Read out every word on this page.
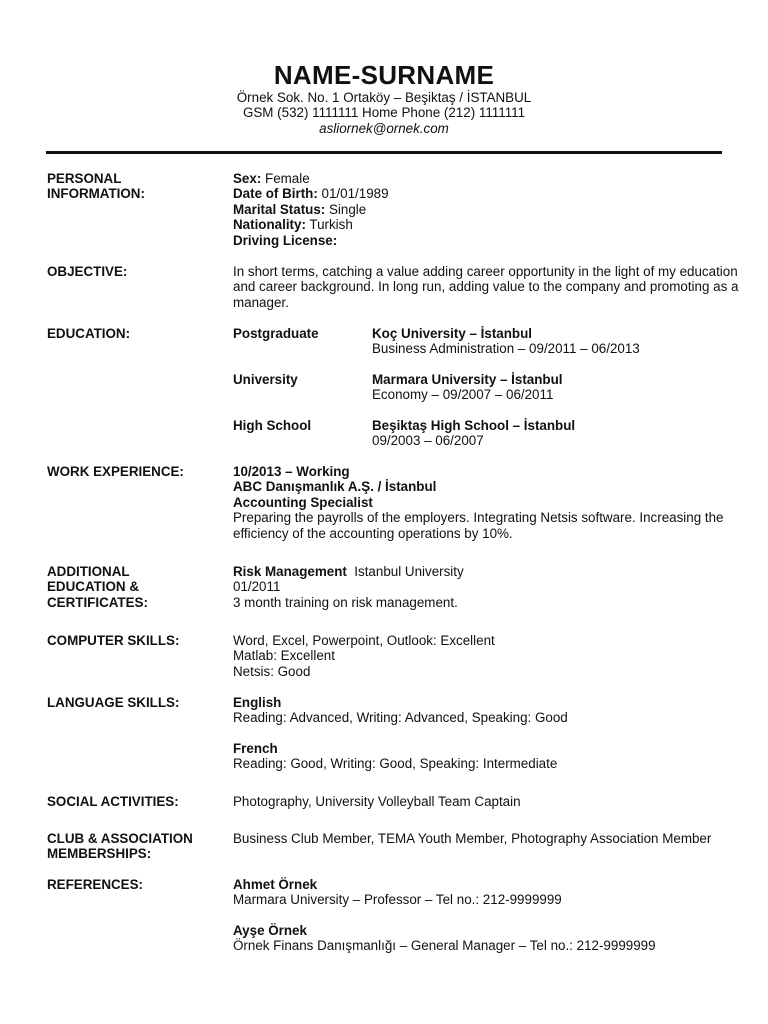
NAME-SURNAME
Örnek Sok. No. 1 Ortaköy – Beşiktaş / İSTANBUL
GSM (532) 1111111 Home Phone (212) 1111111
asliornek@ornek.com
PERSONAL
INFORMATION:
Sex: Female
Date of Birth: 01/01/1989
Marital Status: Single
Nationality: Turkish
Driving License:
OBJECTIVE:	In short terms, catching a value adding career opportunity in the light of my education and career background. In long run, adding value to the company and promoting as a manager.
EDUCATION:	Postgraduate	Koç University – İstanbul
Business Administration – 09/2011 – 06/2013
University	Marmara University – İstanbul
Economy – 09/2007 – 06/2011
High School	Beşiktaş High School – İstanbul
09/2003 – 06/2007
WORK EXPERIENCE:	10/2013 – Working
ABC Danışmanlık A.Ş. / İstanbul
Accounting Specialist
Preparing the payrolls of the employers. Integrating Netsis software. Increasing the efficiency of the accounting operations by 10%.
ADDITIONAL
EDUCATION &
CERTIFICATES:
Risk Management  Istanbul University
01/2011
3 month training on risk management.
COMPUTER SKILLS:	Word, Excel, Powerpoint, Outlook: Excellent
Matlab: Excellent
Netsis: Good
LANGUAGE SKILLS:	English
Reading: Advanced, Writing: Advanced, Speaking: Good
French
Reading: Good, Writing: Good, Speaking: Intermediate
SOCIAL ACTIVITIES:	Photography, University Volleyball Team Captain
CLUB & ASSOCIATION
MEMBERSHIPS:
Business Club Member, TEMA Youth Member, Photography Association Member
REFERENCES:	Ahmet Örnek
Marmara University – Professor – Tel no.: 212-9999999
Ayşe Örnek
Örnek Finans Danışmanlığı – General Manager – Tel no.: 212-9999999
